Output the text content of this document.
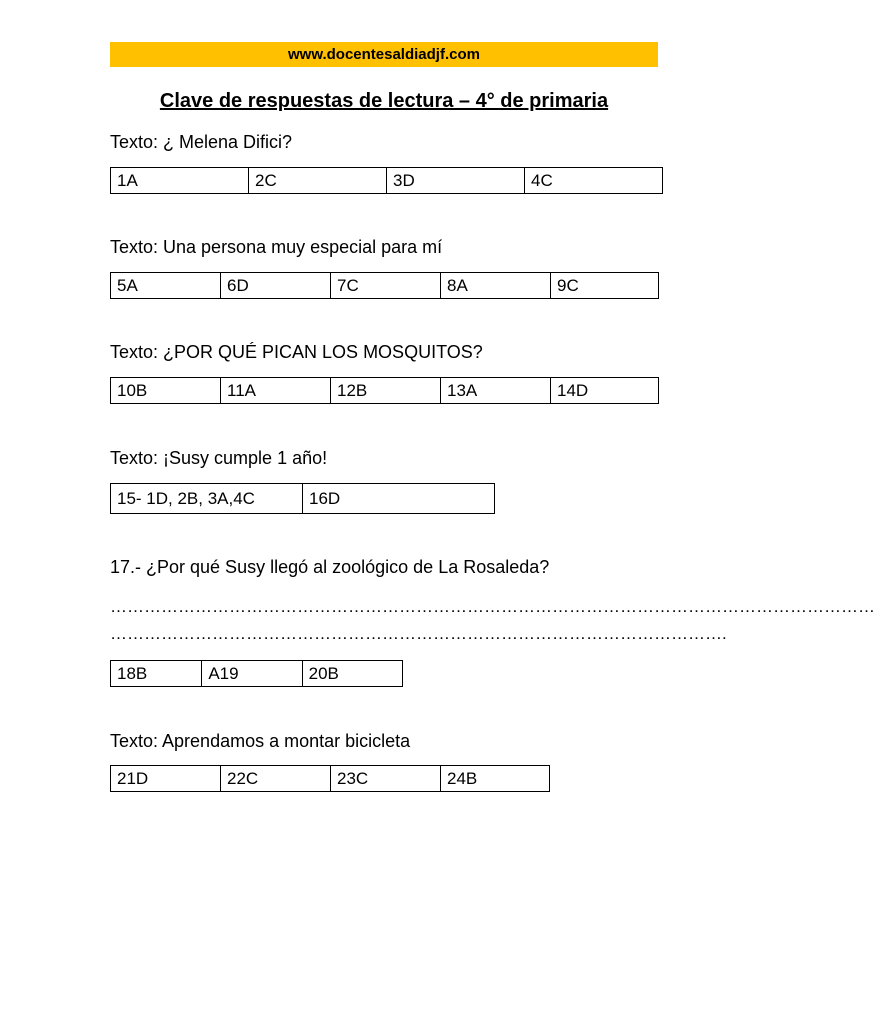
www.docentesaldiadjf.com
Clave de respuestas de lectura – 4° de primaria
Texto: ¿ Melena Difici?
1A	2C	3D	4C
Texto: Una persona muy especial para mí
5A	6D	7C	8A	9C
Texto: ¿POR QUÉ PICAN LOS MOSQUITOS?
10B	11A	12B	13A	14D
Texto: ¡Susy cumple 1 año!
15- 1D, 2B, 3A,4C	16D
17.- ¿Por qué Susy llegó al zoológico de La Rosaleda?
………………………………………………………………………………………………………………………
……………………………………………………………………………………………….
18B	A19	20B
Texto: Aprendamos a montar bicicleta
21D	22C	23C	24B
